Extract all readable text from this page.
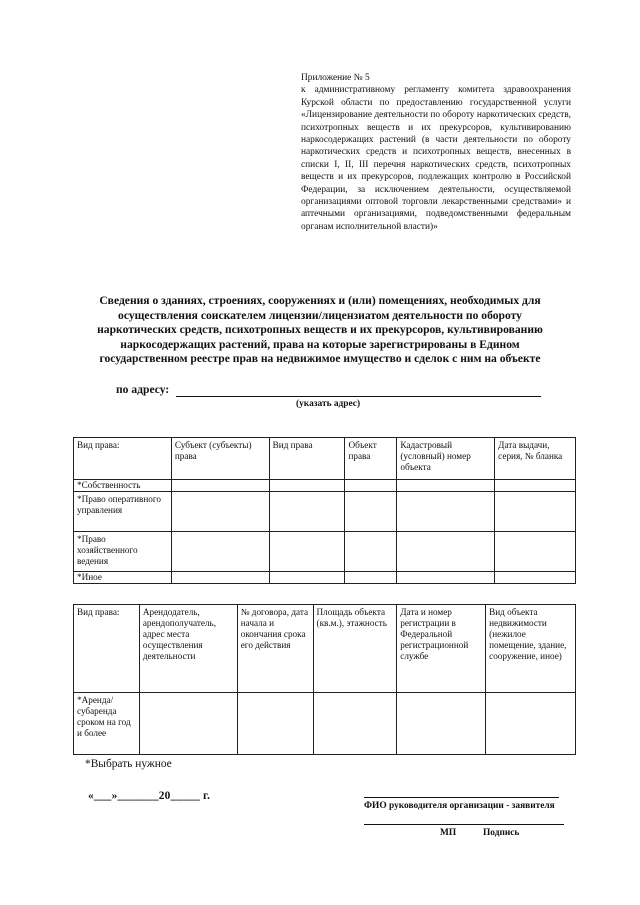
Приложение № 5

к административному регламенту комитета здравоохранения Курской области по предоставлению государственной услуги «Лицензирование деятельности по обороту наркотических средств, психотропных веществ и их прекурсоров, культивированию наркосодержащих растений (в части деятельности по обороту наркотических средств и психотропных веществ, внесенных в списки I, II, III перечня наркотических средств, психотропных веществ и их прекурсоров, подлежащих контролю в Российской Федерации, за исключением деятельности, осуществляемой организациями оптовой торговли лекарственными средствами» и аптечными организациями, подведомственными федеральным органам исполнительной власти)»

Сведения о зданиях, строениях, сооружениях и (или) помещениях, необходимых для осуществления соискателем лицензии/лицензиатом деятельности по обороту наркотических средств, психотропных веществ и их прекурсоров, культивированию наркосодержащих растений, права на которые зарегистрированы в Едином государственном реестре прав на недвижимое имущество и сделок с ним на объекте

по адресу:
(указать адрес)
Вид права:	Субъект (субъекты) права	Вид права	Объект права	Кадастровый (условный) номер объекта	Дата выдачи, серия, № бланка
*Собственность					
*Право оперативного управления					
*Право хозяйственного ведения					
*Иное					
Вид права:	Арендодатель, арендополучатель, адрес места осуществления деятельности	№ договора, дата начала и окончания срока его действия	Площадь объекта (кв.м.), этажность	Дата и номер регистрации в Федеральной регистрационной службе	Вид объекта недвижимости (нежилое помещение, здание, сооружение, иное)
*Аренда/ субаренда сроком на год и более					
*Выбрать нужное
«___»_______20_____ г.
ФИО руководителя организации - заявителя
МП	Подпись
